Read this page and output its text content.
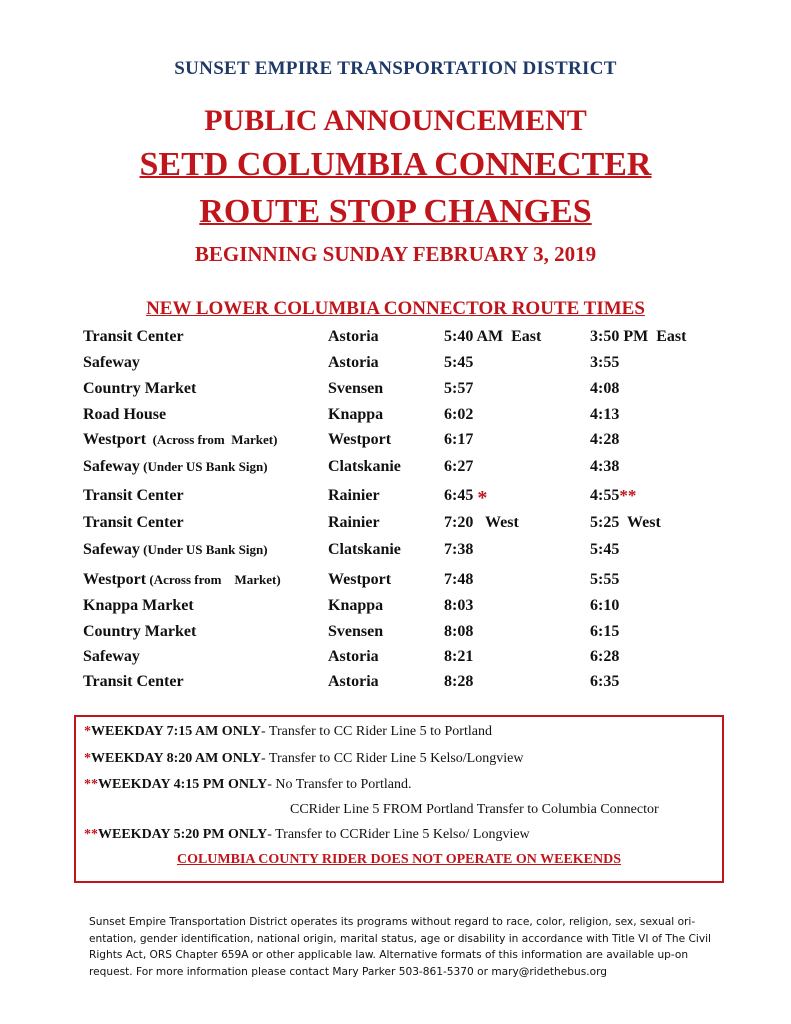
SUNSET EMPIRE TRANSPORTATION DISTRICT
PUBLIC ANNOUNCEMENT
SETD COLUMBIA CONNECTER
ROUTE STOP CHANGES
BEGINNING SUNDAY FEBRUARY 3, 2019
NEW LOWER COLUMBIA CONNECTOR ROUTE TIMES
Transit Center	Astoria	5:40 AM  East	3:50 PM  East
Safeway	Astoria	5:45	3:55
Country Market	Svensen	5:57	4:08
Road House	Knappa	6:02	4:13
Westport  (Across from  Market)	Westport	6:17	4:28
Safeway (Under US Bank Sign)	Clatskanie	6:27	4:38
Transit Center	Rainier	6:45 *	4:55 **
Transit Center	Rainier	7:20   West	5:25  West
Safeway (Under US Bank Sign)	Clatskanie	7:38	5:45
Westport (Across from    Market)	Westport	7:48	5:55
Knappa Market	Knappa	8:03	6:10
Country Market	Svensen	8:08	6:15
Safeway	Astoria	8:21	6:28
Transit Center	Astoria	8:28	6:35
*WEEKDAY 7:15 AM ONLY- Transfer to CC Rider Line 5 to Portland
*WEEKDAY 8:20 AM ONLY- Transfer to CC Rider Line 5 Kelso/Longview
**WEEKDAY 4:15 PM ONLY- No Transfer to Portland.
CCRider Line 5 FROM Portland Transfer to Columbia Connector
**WEEKDAY 5:20 PM ONLY- Transfer to CCRider Line 5 Kelso/ Longview
COLUMBIA COUNTY RIDER DOES NOT OPERATE ON WEEKENDS
Sunset Empire Transportation District operates its programs without regard to race, color, religion, sex, sexual ori-entation, gender identification, national origin, marital status, age or disability in accordance with Title VI of The Civil Rights Act, ORS Chapter 659A or other applicable law. Alternative formats of this information are available up-on request. For more information please contact Mary Parker 503-861-5370 or mary@ridethebus.org
